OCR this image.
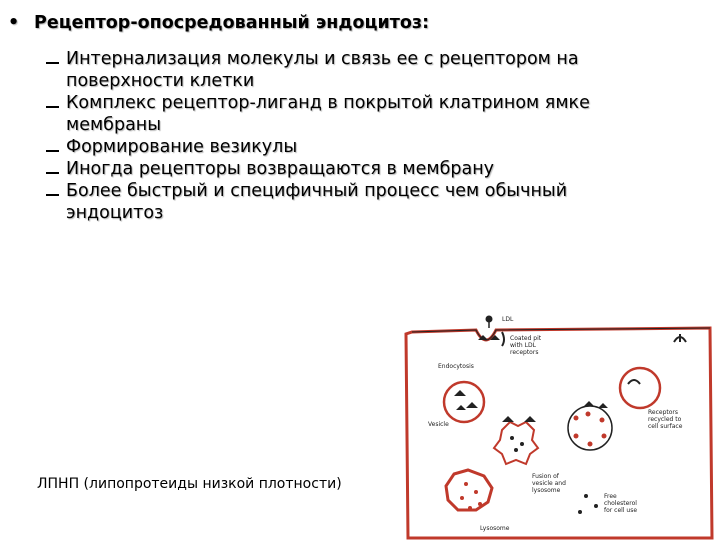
• Рецептор-опосредованный эндоцитоз:
Интернализация молекулы и связь ее с рецептором на
поверхности клетки
Комплекс рецептор-лиганд в покрытой клатрином ямке
мембраны
Формирование везикулы
Иногда рецепторы возвращаются в мембрану
Более быстрый и специфичный процесс чем обычный
эндоцитоз
ЛПНП (липопротеиды низкой плотности)
LDL
Coated pit
with LDL
receptors
Endocytosis
Vesicle
Receptors
recycled to
cell surface
Fusion of
vesicle and
lysosome
Lysosome
Free
cholesterol
for cell use
